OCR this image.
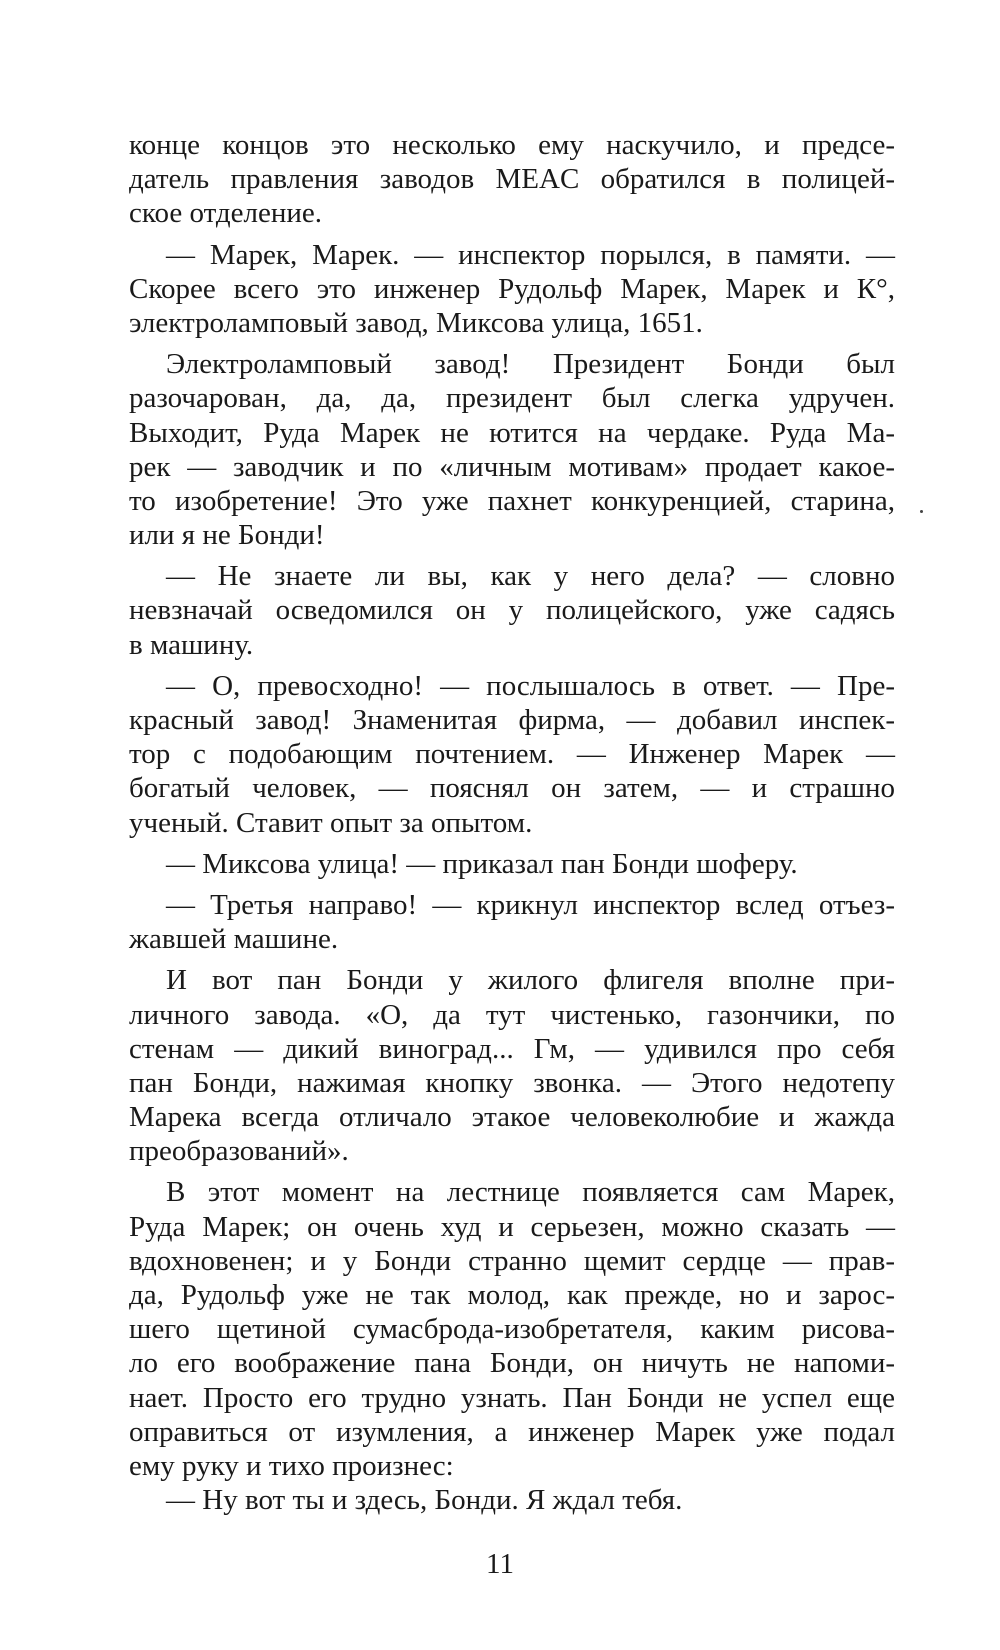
конце концов это несколько ему наскучило, и предсе-
датель правления заводов MEAC обратился в полицей-
ское отделение.
— Марек, Марек. — инспектор порылся, в памяти. —
Скорее всего это инженер Рудольф Марек, Марек и К°,
электроламповый завод, Миксова улица, 1651.
Электроламповый завод! Президент Бонди был
разочарован, да, да, президент был слегка удручен.
Выходит, Руда Марек не ютится на чердаке. Руда Ма-
рек — заводчик и по «личным мотивам» продает какое-
то изобретение! Это уже пахнет конкуренцией, старина,
или я не Бонди!
— Не знаете ли вы, как у него дела? — словно
невзначай осведомился он у полицейского, уже садясь
в машину.
— О, превосходно! — послышалось в ответ. — Пре-
красный завод! Знаменитая фирма, — добавил инспек-
тор с подобающим почтением. — Инженер Марек —
богатый человек, — пояснял он затем, — и страшно
ученый. Ставит опыт за опытом.
— Миксова улица! — приказал пан Бонди шоферу.
— Третья направо! — крикнул инспектор вслед отъез-
жавшей машине.
И вот пан Бонди у жилого флигеля вполне при-
личного завода. «О, да тут чистенько, газончики, по
стенам — дикий виноград... Гм, — удивился про себя
пан Бонди, нажимая кнопку звонка. — Этого недотепу
Марека всегда отличало этакое человеколюбие и жажда
преобразований».
В этот момент на лестнице появляется сам Марек,
Руда Марек; он очень худ и серьезен, можно сказать —
вдохновенен; и у Бонди странно щемит сердце — прав-
да, Рудольф уже не так молод, как прежде, но и зарос-
шего щетиной сумасброда-изобретателя, каким рисова-
ло его воображение пана Бонди, он ничуть не напоми-
нает. Просто его трудно узнать. Пан Бонди не успел еще
оправиться от изумления, а инженер Марек уже подал
ему руку и тихо произнес:
— Ну вот ты и здесь, Бонди. Я ждал тебя.
11
